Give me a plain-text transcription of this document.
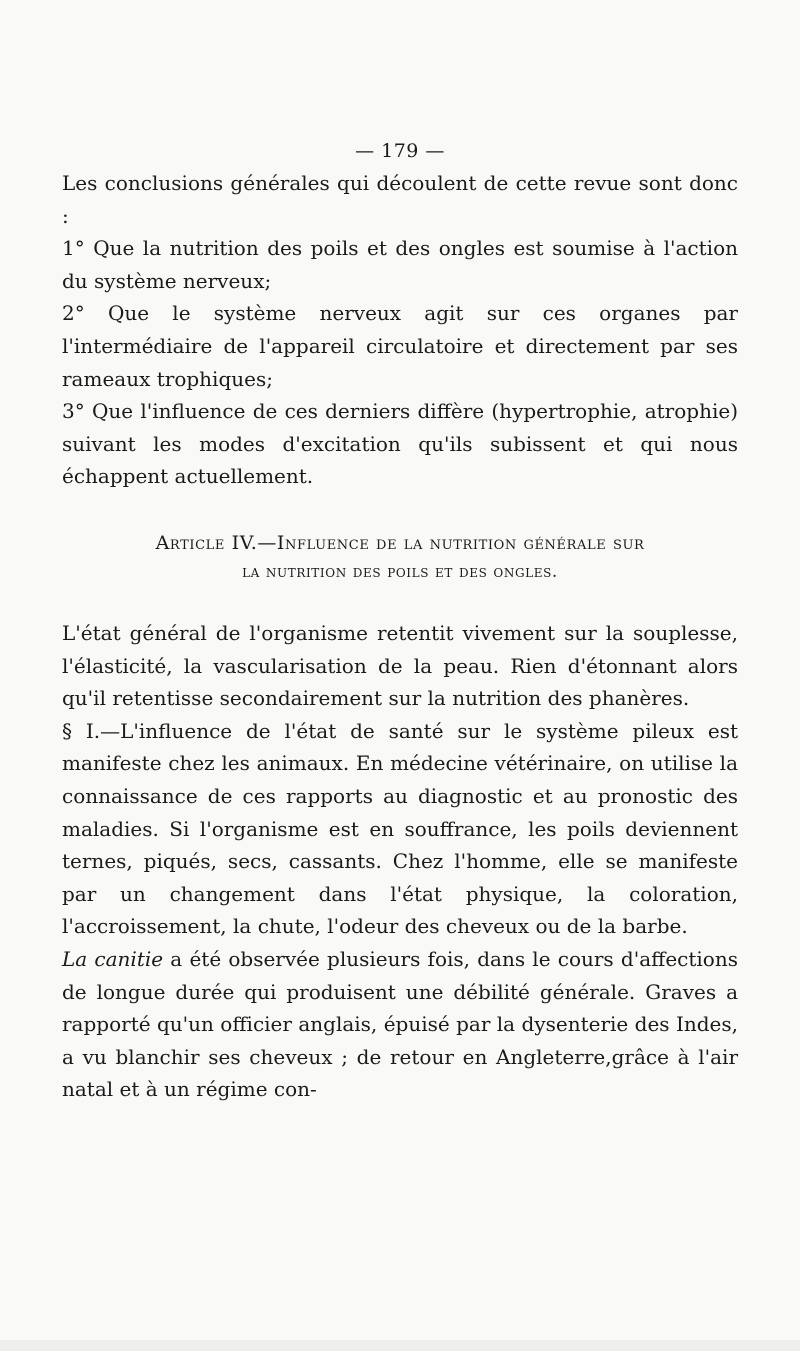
— 179 —

Les conclusions générales qui découlent de cette revue sont donc :

1° Que la nutrition des poils et des ongles est soumise à l'action du système nerveux;

2° Que le système nerveux agit sur ces organes par l'intermédiaire de l'appareil circulatoire et directement par ses rameaux trophiques;

3° Que l'influence de ces derniers diffère (hypertrophie, atrophie) suivant les modes d'excitation qu'ils subissent et qui nous échappent actuellement.

Article IV.—Influence de la nutrition générale sur
la nutrition des poils et des ongles.

L'état général de l'organisme retentit vivement sur la souplesse, l'élasticité, la vascularisation de la peau. Rien d'étonnant alors qu'il retentisse secondairement sur la nutrition des phanères.

§ I.—L'influence de l'état de santé sur le système pileux est manifeste chez les animaux. En médecine vétérinaire, on utilise la connaissance de ces rapports au diagnostic et au pronostic des maladies. Si l'organisme est en souffrance, les poils deviennent ternes, piqués, secs, cassants. Chez l'homme, elle se manifeste par un changement dans l'état physique, la coloration, l'accroissement, la chute, l'odeur des cheveux ou de la barbe.

La canitie a été observée plusieurs fois, dans le cours d'affections de longue durée qui produisent une débilité générale. Graves a rapporté qu'un officier anglais, épuisé par la dysenterie des Indes, a vu blanchir ses cheveux ; de retour en Angleterre,grâce à l'air natal et à un régime con-
